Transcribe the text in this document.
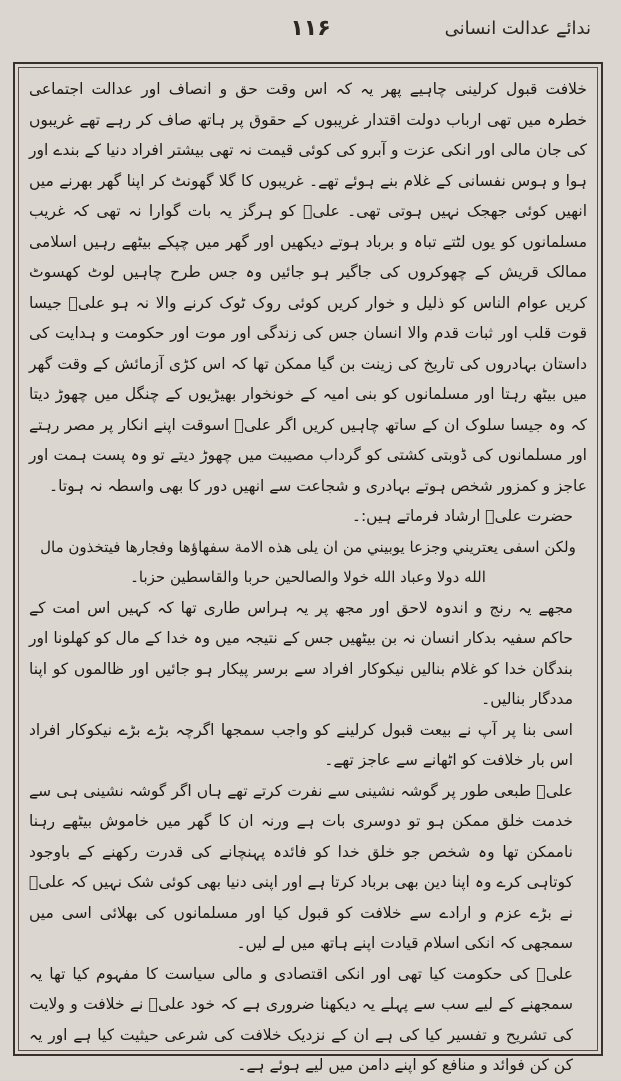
۱۱۶	ندائے عدالت انسانی

خلافت قبول کرلینی چاہیے پھر یہ کہ اس وقت حق و انصاف اور عدالت اجتماعی خطرہ میں تھی ارباب دولت اقتدار غریبوں کے حقوق پر ہاتھ صاف کر رہے تھے غریبوں کی جان مالی اور انکی عزت و آبرو کی کوئی قیمت نہ تھی بیشتر افراد دنیا کے بندے اور ہوا و ہوس نفسانی کے غلام بنے ہوئے تھے۔ غریبوں کا گلا گھونٹ کر اپنا گھر بھرنے میں انھیں کوئی جھجک نہیں ہوتی تھی۔ علیؑ کو ہرگز یہ بات گوارا نہ تھی کہ غریب مسلمانوں کو یوں لٹتے تباہ و برباد ہوتے دیکھیں اور گھر میں چپکے بیٹھے رہیں اسلامی ممالک قریش کے چھوکروں کی جاگیر ہو جائیں وہ جس طرح چاہیں لوٹ کھسوٹ کریں عوام الناس کو ذلیل و خوار کریں کوئی روک ٹوک کرنے والا نہ ہو علیؑ جیسا قوت قلب اور ثبات قدم والا انسان جس کی زندگی اور موت اور حکومت و ہدایت کی داستان بہادروں کی تاریخ کی زینت بن گیا ممکن تھا کہ اس کڑی آزمائش کے وقت گھر میں بیٹھ رہتا اور مسلمانوں کو بنی امیہ کے خونخوار بھیڑیوں کے چنگل میں چھوڑ دیتا کہ وہ جیسا سلوک ان کے ساتھ چاہیں کریں اگر علیؑ اسوقت اپنے انکار پر مصر رہتے اور مسلمانوں کی ڈوبتی کشتی کو گرداب مصیبت میں چھوڑ دیتے تو وہ پست ہمت اور عاجز و کمزور شخص ہوتے بہادری و شجاعت سے انھیں دور کا بھی واسطہ نہ ہوتا۔

حضرت علیؑ ارشاد فرماتے ہیں:۔

ولکن اسفی یعتریني وجزعا یوبیني من ان یلی هذه الامة سفهاؤها وفجارها فیتخذون مال الله دولا وعباد الله خولا والصالحین حربا والقاسطین حزبا۔

مجھے یہ رنج و اندوہ لاحق اور مجھ پر یہ ہراس طاری تھا کہ کہیں اس امت کے حاکم سفیہ بدکار انسان نہ بن بیٹھیں جس کے نتیجہ میں وہ خدا کے مال کو کھلونا اور بندگان خدا کو غلام بنالیں نیکوکار افراد سے برسر پیکار ہو جائیں اور ظالموں کو اپنا مددگار بنالیں۔

اسی بنا پر آپ نے بیعت قبول کرلینے کو واجب سمجھا اگرچہ بڑے بڑے نیکوکار افراد اس بار خلافت کو اٹھانے سے عاجز تھے۔

علیؑ طبعی طور پر گوشہ نشینی سے نفرت کرتے تھے ہاں اگر گوشہ نشینی ہی سے خدمت خلق ممکن ہو تو دوسری بات ہے ورنہ ان کا گھر میں خاموش بیٹھے رہنا ناممکن تھا وہ شخص جو خلق خدا کو فائدہ پہنچانے کی قدرت رکھنے کے باوجود کوتاہی کرے وہ اپنا دین بھی برباد کرتا ہے اور اپنی دنیا بھی کوئی شک نہیں کہ علیؑ نے بڑے عزم و ارادے سے خلافت کو قبول کیا اور مسلمانوں کی بھلائی اسی میں سمجھی کہ انکی اسلام قیادت اپنے ہاتھ میں لے لیں۔

علیؑ کی حکومت کیا تھی اور انکی اقتصادی و مالی سیاست کا مفہوم کیا تھا یہ سمجھنے کے لیے سب سے پہلے یہ دیکھنا ضروری ہے کہ خود علیؑ نے خلافت و ولایت کی تشریح و تفسیر کیا کی ہے ان کے نزدیک خلافت کی شرعی حیثیت کیا ہے اور یہ کن کن فوائد و منافع کو اپنے دامن میں لیے ہوئے ہے۔
